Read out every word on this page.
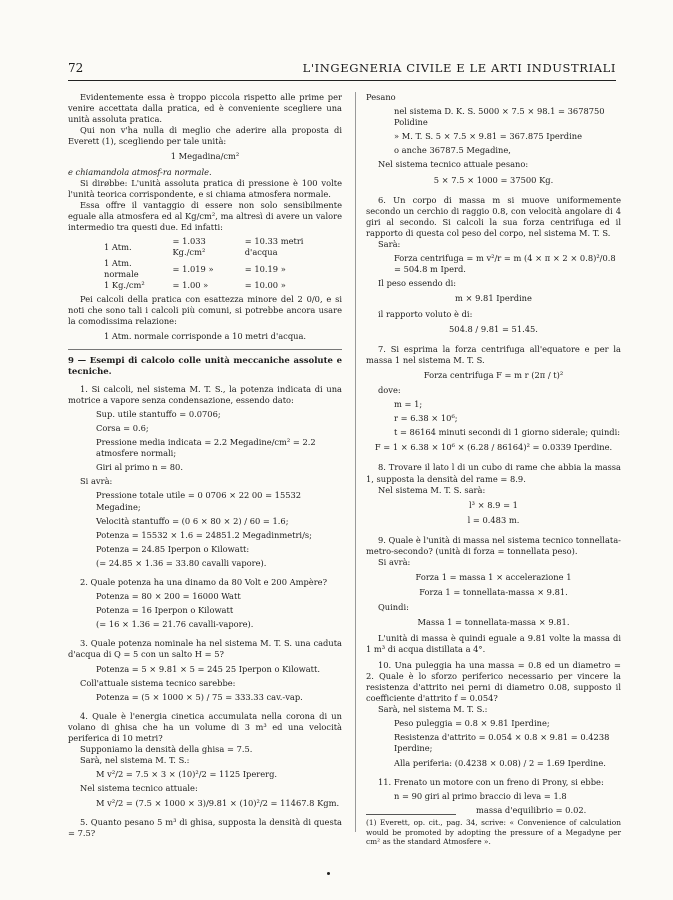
72	L'INGEGNERIA CIVILE E LE ARTI INDUSTRIALI

Evidentemente essa è troppo piccola rispetto alle prime per venire accettata dalla pratica, ed è conveniente scegliere una unità assoluta pratica.

Qui non v'ha nulla di meglio che aderire alla proposta di Everett (1), scegliendo per tale unità:

1 Megadina/cm²

e chiamandola atmosf-ra normale.

Si dirøbbe: L'unità assoluta pratica di pressione è 100 volte l'unità teorica corrispondente, e si chiama atmosfera normale.

Essa offre il vantaggio di essere non solo sensibilmente eguale alla atmosfera ed al Kg/cm², ma altresì di avere un valore intermedio tra questi due. Ed infatti:

1 Atm.	= 1.033 Kg./cm²	= 10.33 metri d'acqua
1 Atm. normale	= 1.019 »	= 10.19 »
1 Kg./cm²	= 1.00 »	= 10.00 »

Pei calcoli della pratica con esattezza minore del 2 0/0, e si noti che sono tali i calcoli più comuni, si potrebbe ancora usare la comodissima relazione:

1 Atm. normale corrisponde a 10 metri d'acqua.

9 — Esempi di calcolo colle unità meccaniche assolute e tecniche.

1. Si calcoli, nel sistema M. T. S., la potenza indicata di una motrice a vapore senza condensazione, essendo dato:

Sup. utile stantuffo = 0.0706;

Corsa = 0.6;

Pressione media indicata = 2.2 Megadine/cm² = 2.2 atmosfere normali;

Giri al primo n = 80.

Si avrà:

Pressione totale utile = 0 0706 × 22 00 = 15532 Megadine;

Velocità stantuffo = (0 6 × 80 × 2) / 60 = 1.6;

Potenza = 15532 × 1.6 = 24851.2 Megadinmetri/s;

Potenza = 24.85 Iperpon o Kilowatt:

(= 24.85 × 1.36 = 33.80 cavalli vapore).

2. Quale potenza ha una dinamo da 80 Volt e 200 Ampère?

Potenza = 80 × 200 = 16000 Watt

Potenza = 16 Iperpon o Kilowatt

(= 16 × 1.36 = 21.76 cavalli-vapore).

3. Quale potenza nominale ha nel sistema M. T. S. una caduta d'acqua di Q = 5 con un salto H = 5?

Potenza = 5 × 9.81 × 5 = 245 25 Iperpon o Kilowatt.

Coll'attuale sistema tecnico sarebbe:

Potenza = (5 × 1000 × 5) / 75 = 333.33 cav.-vap.

4. Quale è l'energia cinetica accumulata nella corona di un volano di ghisa che ha un volume di 3 m³ ed una velocità periferica di 10 metri?

Supponiamo la densità della ghisa = 7.5.

Sarà, nel sistema M. T. S.:

M v²/2 = 7.5 × 3 × (10)²/2 = 1125 Ipererg.

Nel sistema tecnico attuale:

M v²/2 = (7.5 × 1000 × 3)/9.81 × (10)²/2 = 11467.8 Kgm.

5. Quanto pesano 5 m³ di ghisa, supposta la densità di questa = 7.5?

Pesano

nel sistema D. K. S. 5000 × 7.5 × 98.1 = 3678750 Polidine

» M. T. S. 5 × 7.5 × 9.81 = 367.875 Iperdine

o anche 36787.5 Megadine,

Nel sistema tecnico attuale pesano:

5 × 7.5 × 1000 = 37500 Kg.

6. Un corpo di massa m si muove uniformemente secondo un cerchio di raggio 0.8, con velocità angolare di 4 giri al secondo. Si calcoli la sua forza centrifuga ed il rapporto di questa col peso del corpo, nel sistema M. T. S.

Sarà:

Forza centrifuga = m v²/r = m (4 × π × 2 × 0.8)²/0.8 = 504.8 m Iperd.

Il peso essendo di:

m × 9.81 Iperdine

il rapporto voluto è di:

504.8 / 9.81 = 51.45.

7. Si esprima la forza centrifuga all'equatore e per la massa 1 nel sistema M. T. S.

Forza centrifuga F = m r (2π / t)²

dove:

m = 1;

r = 6.38 × 10⁶;

t = 86164 minuti secondi di 1 giorno siderale; quindi:

F = 1 × 6.38 × 10⁶ × (6.28 / 86164)² = 0.0339 Iperdine.

8. Trovare il lato l di un cubo di rame che abbia la massa 1, supposta la densità del rame = 8.9.

Nel sistema M. T. S. sarà:

l³ × 8.9 = 1

l = 0.483 m.

9. Quale è l'unità di massa nel sistema tecnico tonnellata-metro-secondo? (unità di forza = tonnellata peso).

Si avrà:

Forza 1 = massa 1 × accelerazione 1

Forza 1 = tonnellata-massa × 9.81.

Quindi:

Massa 1 = tonnellata-massa × 9.81.

L'unità di massa è quindi eguale a 9.81 volte la massa di 1 m³ di acqua distillata a 4°.

10. Una puleggia ha una massa = 0.8 ed un diametro = 2. Quale è lo sforzo periferico necessario per vincere la resistenza d'attrito nei perni di diametro 0.08, supposto il coefficiente d'attrito f = 0.054?

Sarà, nel sistema M. T. S.:

Peso puleggia = 0.8 × 9.81 Iperdine;

Resistenza d'attrito = 0.054 × 0.8 × 9.81 = 0.4238 Iperdine;

Alla periferia: (0.4238 × 0.08) / 2 = 1.69 Iperdine.

11. Frenato un motore con un freno di Prony, si ebbe:

n = 90 giri al primo braccio di leva = 1.8

massa d'equilibrio = 0.02.

(1) Everett, op. cit., pag. 34, scrive: « Convenience of calculation would be promoted by adopting the pressure of a Megadyne per cm² as the standard Atmosfere ».
